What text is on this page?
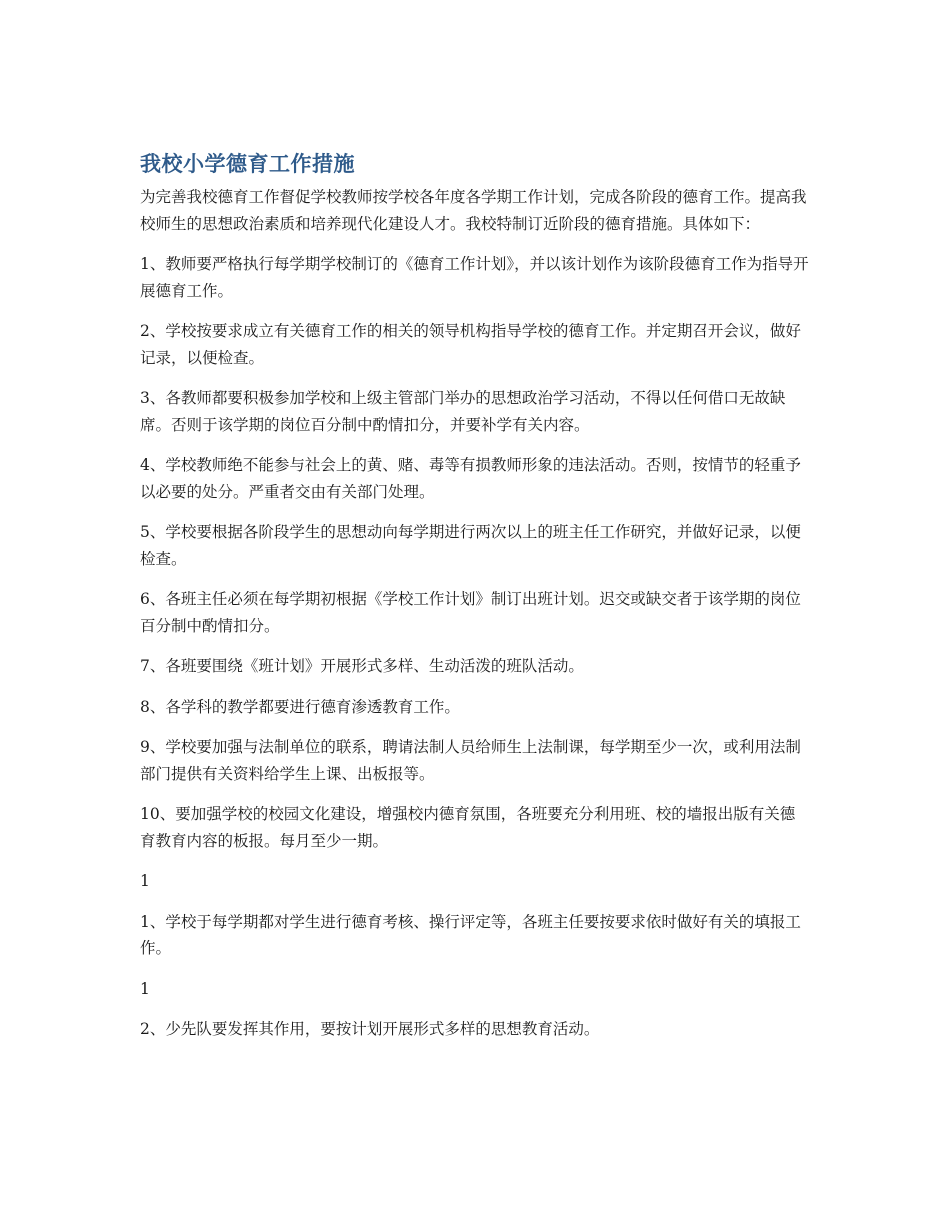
我校小学德育工作措施

为完善我校德育工作督促学校教师按学校各年度各学期工作计划，完成各阶段的德育工作。提高我校师生的思想政治素质和培养现代化建设人才。我校特制订近阶段的德育措施。具体如下：

1、教师要严格执行每学期学校制订的《德育工作计划》，并以该计划作为该阶段德育工作为指导开展德育工作。

2、学校按要求成立有关德育工作的相关的领导机构指导学校的德育工作。并定期召开会议，做好记录，以便检查。

3、各教师都要积极参加学校和上级主管部门举办的思想政治学习活动，不得以任何借口无故缺席。否则于该学期的岗位百分制中酌情扣分，并要补学有关内容。

4、学校教师绝不能参与社会上的黄、赌、毒等有损教师形象的违法活动。否则，按情节的轻重予以必要的处分。严重者交由有关部门处理。

5、学校要根据各阶段学生的思想动向每学期进行两次以上的班主任工作研究，并做好记录，以便检查。

6、各班主任必须在每学期初根据《学校工作计划》制订出班计划。迟交或缺交者于该学期的岗位百分制中酌情扣分。

7、各班要围绕《班计划》开展形式多样、生动活泼的班队活动。

8、各学科的教学都要进行德育渗透教育工作。

9、学校要加强与法制单位的联系，聘请法制人员给师生上法制课，每学期至少一次，或利用法制部门提供有关资料给学生上课、出板报等。

10、要加强学校的校园文化建设，增强校内德育氛围，各班要充分利用班、校的墙报出版有关德育教育内容的板报。每月至少一期。

1

1、学校于每学期都对学生进行德育考核、操行评定等，各班主任要按要求依时做好有关的填报工作。

1

2、少先队要发挥其作用，要按计划开展形式多样的思想教育活动。
